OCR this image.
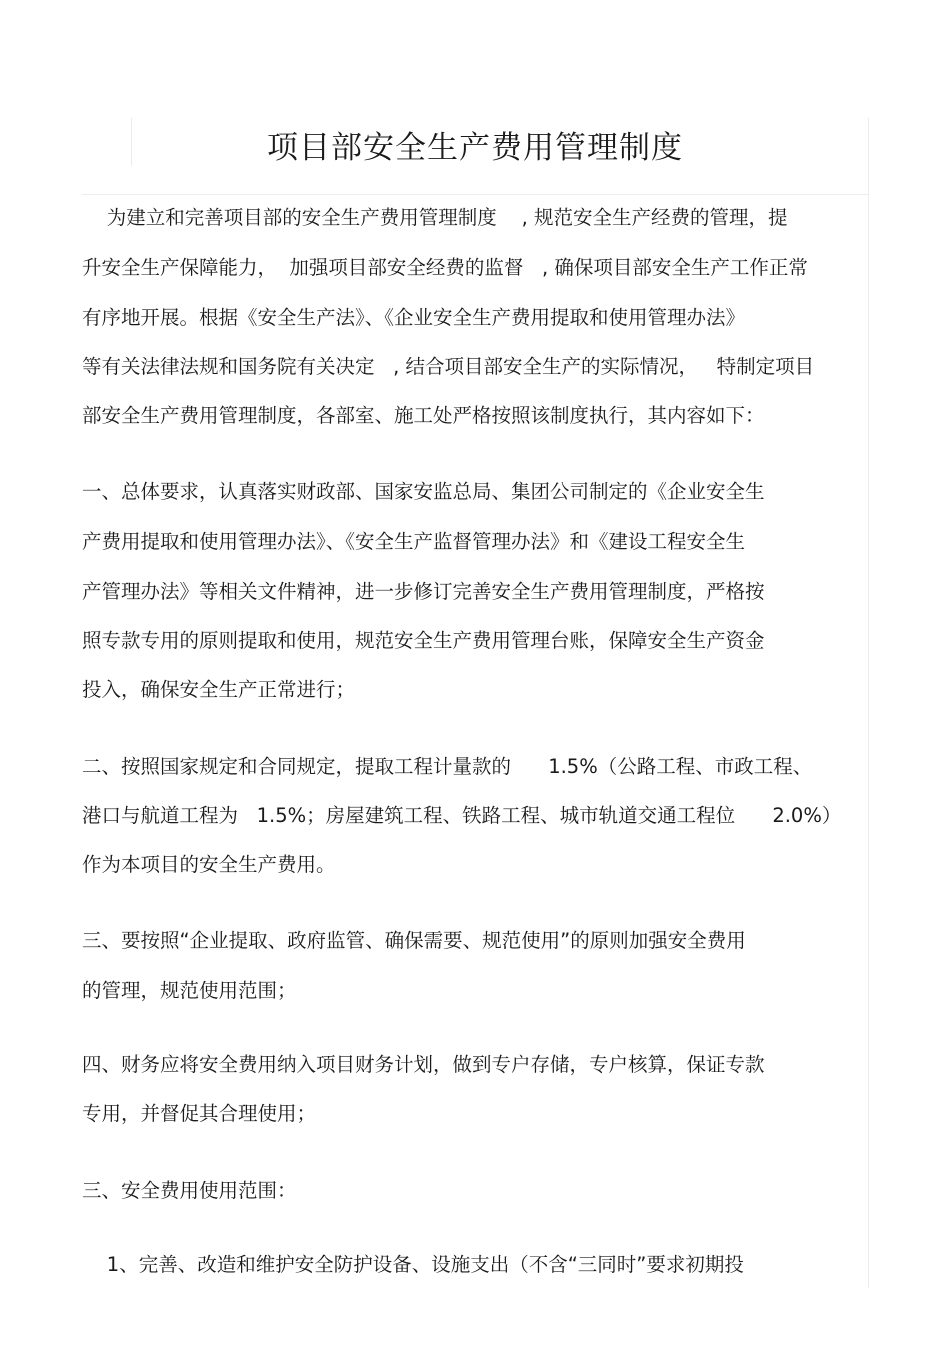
项目部安全生产费用管理制度
为建立和完善项目部的安全生产费用管理制度    , 规范安全生产经费的管理，提
升安全生产保障能力，  加强项目部安全经费的监督   , 确保项目部安全生产工作正常
有序地开展。根据《安全生产法》、《企业安全生产费用提取和使用管理办法》
等有关法律法规和国务院有关决定   , 结合项目部安全生产的实际情况，   特制定项目
部安全生产费用管理制度，各部室、施工处严格按照该制度执行，其内容如下：
一、总体要求，认真落实财政部、国家安监总局、集团公司制定的《企业安全生
产费用提取和使用管理办法》、《安全生产监督管理办法》和《建设工程安全生
产管理办法》等相关文件精神，进一步修订完善安全生产费用管理制度，严格按
照专款专用的原则提取和使用，规范安全生产费用管理台账，保障安全生产资金
投入，确保安全生产正常进行；
二、按照国家规定和合同规定，提取工程计量款的      1.5%（公路工程、市政工程、
港口与航道工程为   1.5%；房屋建筑工程、铁路工程、城市轨道交通工程位      2.0%）
作为本项目的安全生产费用。
三、要按照“企业提取、政府监管、确保需要、规范使用”的原则加强安全费用
的管理，规范使用范围；
四、财务应将安全费用纳入项目财务计划，做到专户存储，专户核算，保证专款
专用，并督促其合理使用；
三、安全费用使用范围：
1、完善、改造和维护安全防护设备、设施支出（不含“三同时”要求初期投
